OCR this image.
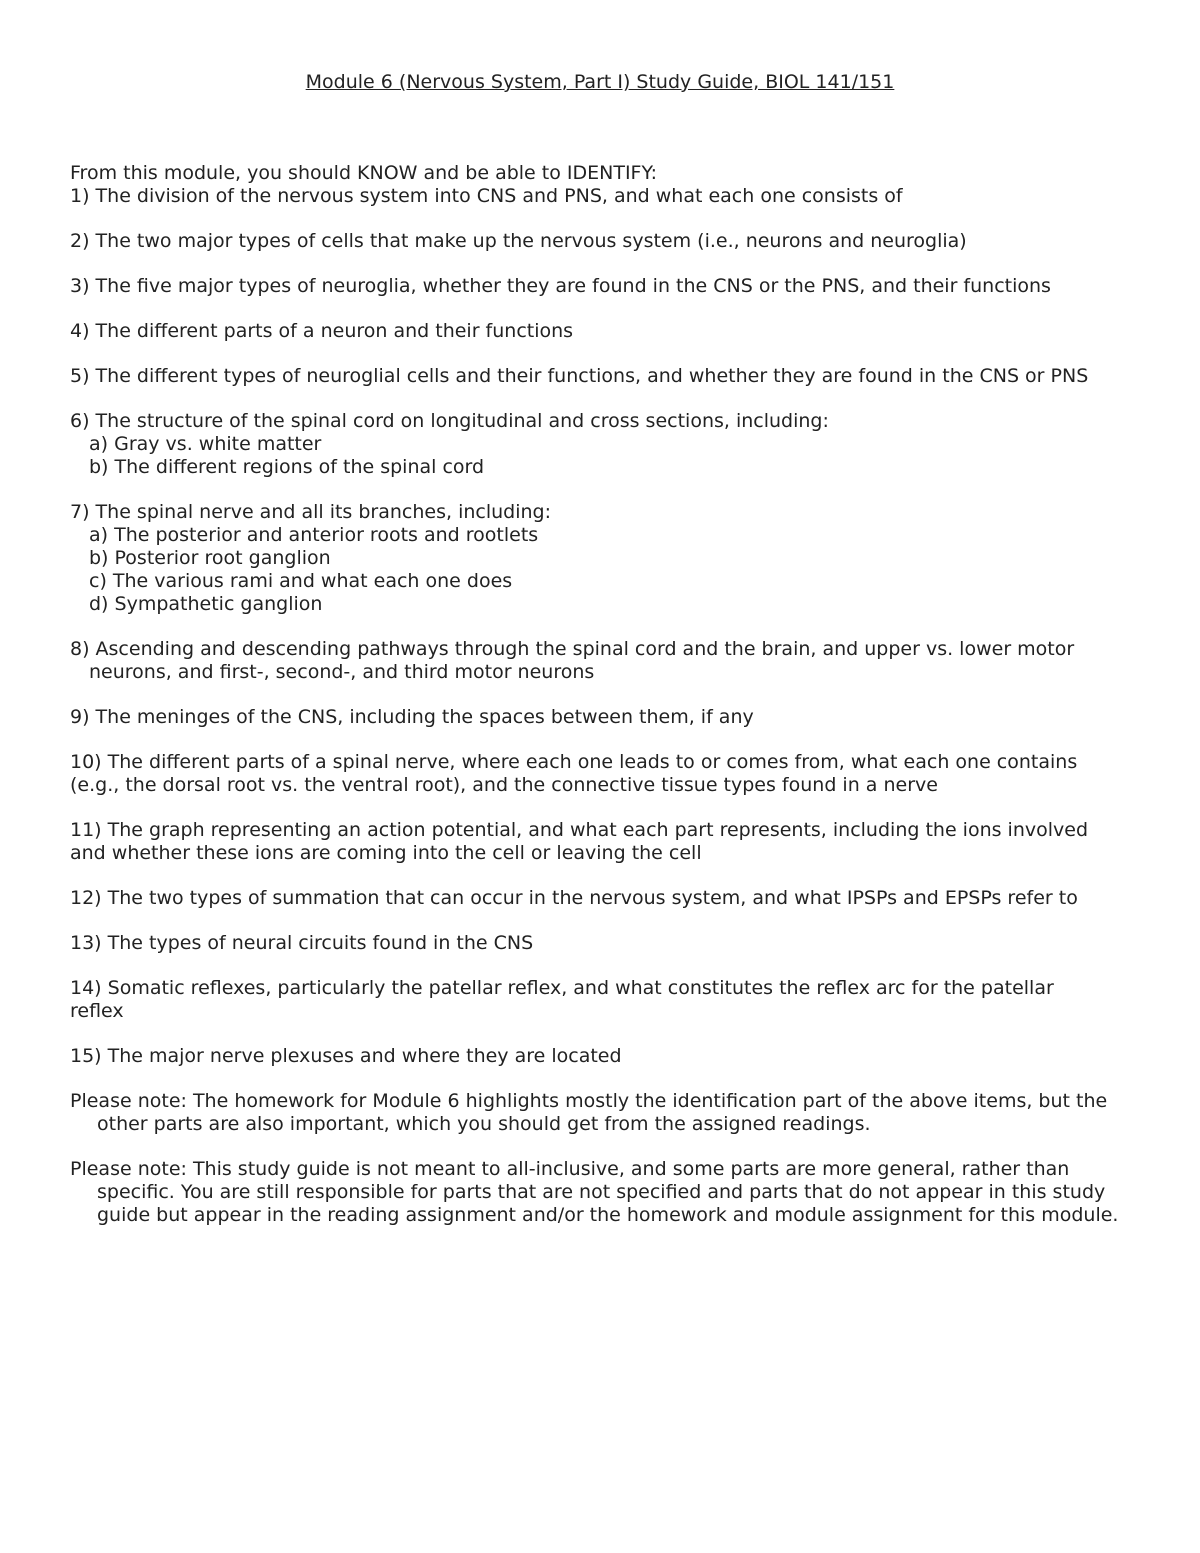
Module 6 (Nervous System, Part I) Study Guide, BIOL 141/151

From this module, you should KNOW and be able to IDENTIFY:

1) The division of the nervous system into CNS and PNS, and what each one consists of
2) The two major types of cells that make up the nervous system (i.e., neurons and neuroglia)
3) The five major types of neuroglia, whether they are found in the CNS or the PNS, and their functions
4) The different parts of a neuron and their functions
5) The different types of neuroglial cells and their functions, and whether they are found in the CNS or PNS
6) The structure of the spinal cord on longitudinal and cross sections, including:
a) Gray vs. white matter
b) The different regions of the spinal cord
7) The spinal nerve and all its branches, including:
a) The posterior and anterior roots and rootlets
b) Posterior root ganglion
c) The various rami and what each one does
d) Sympathetic ganglion
8) Ascending and descending pathways through the spinal cord and the brain, and upper vs. lower motor
neurons, and first-, second-, and third motor neurons
9) The meninges of the CNS, including the spaces between them, if any
10) The different parts of a spinal nerve, where each one leads to or comes from, what each one contains
(e.g., the dorsal root vs. the ventral root), and the connective tissue types found in a nerve
11) The graph representing an action potential, and what each part represents, including the ions involved
and whether these ions are coming into the cell or leaving the cell
12) The two types of summation that can occur in the nervous system, and what IPSPs and EPSPs refer to
13) The types of neural circuits found in the CNS
14) Somatic reflexes, particularly the patellar reflex, and what constitutes the reflex arc for the patellar
reflex
15) The major nerve plexuses and where they are located

Please note: The homework for Module 6 highlights mostly the identification part of the above items, but the other parts are also important, which you should get from the assigned readings.

Please note: This study guide is not meant to all-inclusive, and some parts are more general, rather than specific. You are still responsible for parts that are not specified and parts that do not appear in this study guide but appear in the reading assignment and/or the homework and module assignment for this module.
